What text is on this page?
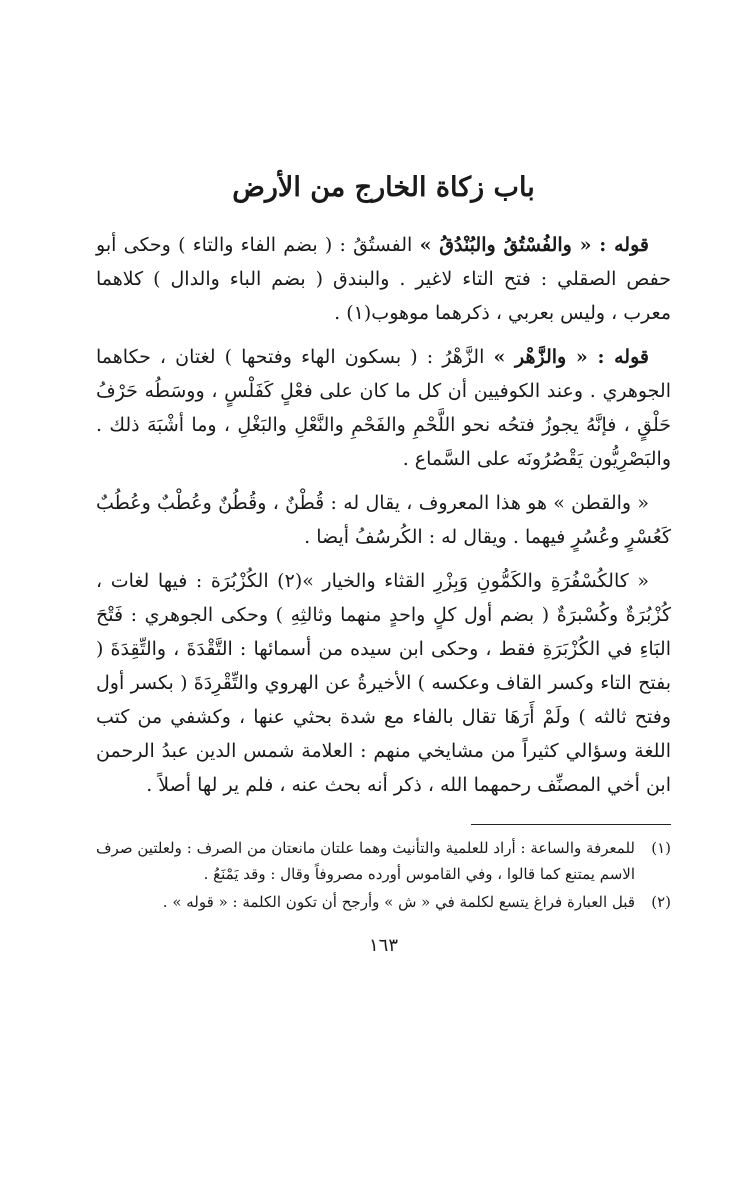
باب زكاة الخارج من الأرض

قوله : « والفُسْتُقُ والبُنْدُقُ » الفستُقُ : ( بضم الفاء والتاء ) وحكى أبو حفص الصقلي : فتح التاء لاغير . والبندق ( بضم الباء والدال ) كلاهما معرب ، وليس بعربي ، ذكرهما موهوب(١) .

قوله : « والزَّهْر » الزَّهْرُ : ( بسكون الهاء وفتحها ) لغتان ، حكاهما الجوهري . وعند الكوفيين أن كل ما كان على فعْلٍ كَفَلْسٍ ، ووسَطُه حَرْفُ حَلْقٍ ، فإنَّهُ يجوزُ فتحُه نحو اللَّحْمِ والفَحْمِ والنَّعْلِ والبَغْلِ ، وما أشْبَهَ ذلك . والبَصْرِيُّون يَقْصُرُونَه على السَّماع .

« والقطن » هو هذا المعروف ، يقال له : قُطْنٌ ، وقُطُنٌ وعُطْبٌ وعُطُبٌ كَعُسْرٍ وعُسُرٍ فيهما . ويقال له : الكُرسُفُ أيضا .

« كالكُسْفُرَةِ والكَمُّونِ وَبِزْرِ القثاء والخيار »(٢) الكُزْبُرَة : فيها لغات ، كُزْبُرَةٌ وكُسْبرَةٌ ( بضم أول كلٍ واحدٍ منهما وثالثِهِ ) وحكى الجوهري : فَتْحَ البَاءِ في الكُزْبَرَةِ فقط ، وحكى ابن سيده من أسمائها : التَّقْدَةَ ، والتِّقِدَةَ ( بفتح التاء وكسر القاف وعكسه ) الأخيرةُ عن الهروي والتِّقْرِدَةَ ( بكسر أول وفتح ثالثه ) ولَمْ أَرَهَا تقال بالفاء مع شدة بحثي عنها ، وكشفي من كتب اللغة وسؤالي كثيراً من مشايخي منهم : العلامة شمس الدين عبدُ الرحمن ابن أخي المصنِّف رحمهما الله ، ذكر أنه بحث عنه ، فلم ير لها أصلاً .

(١)
للمعرفة والساعة : أراد للعلمية والتأنيث وهما علتان مانعتان من الصرف : ولعلتين صرف الاسم يمتنع كما قالوا ، وفي القاموس أورده مصروفاً وقال : وقد يَمْنَعُ .
(٢)
قبل العبارة فراغ يتسع لكلمة في « ش » وأرجح أن تكون الكلمة : « قوله » .
١٦٣
